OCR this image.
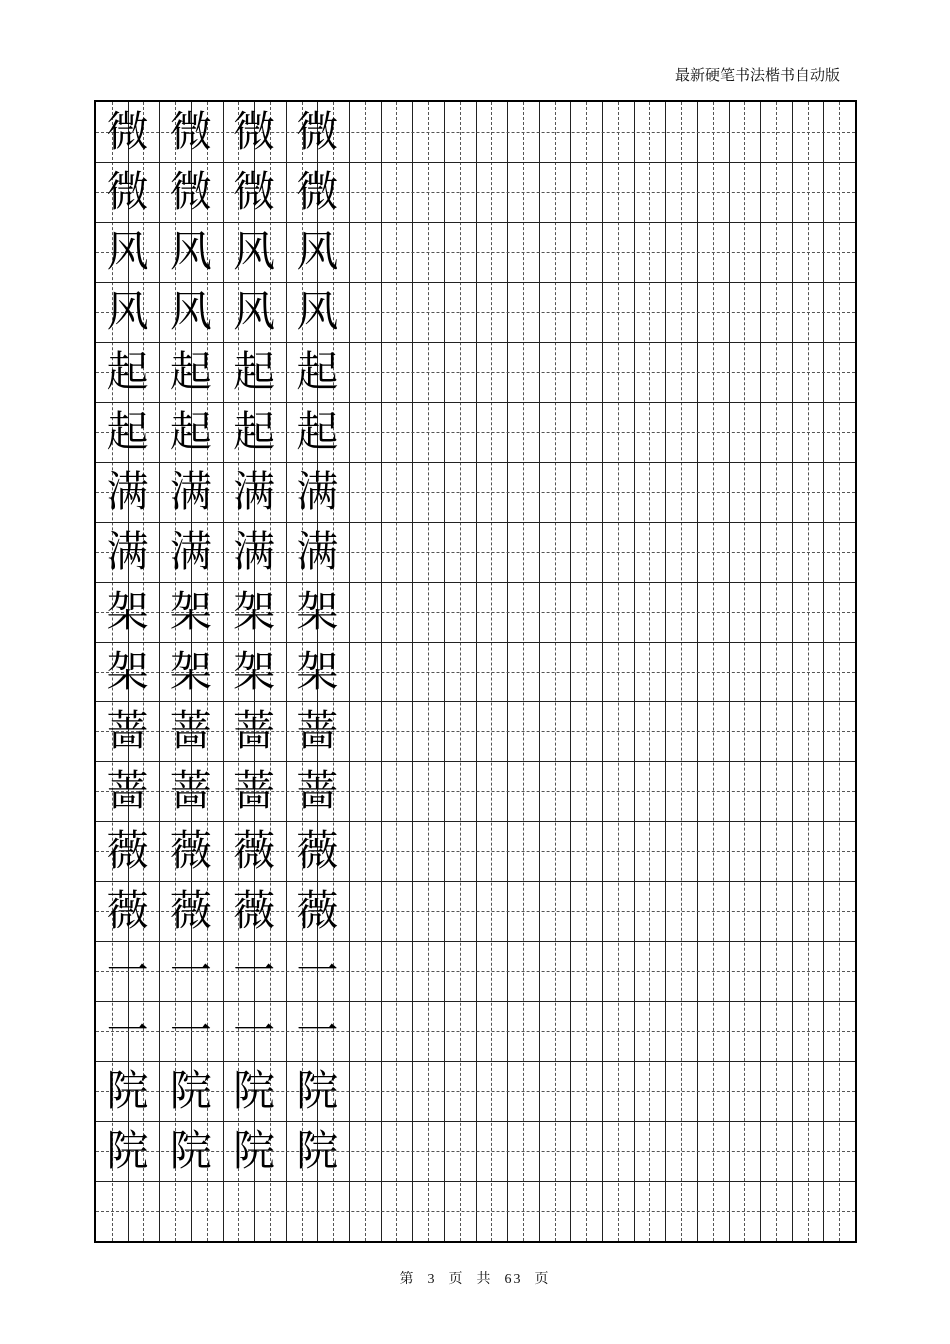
最新硬笔书法楷书自动版
微 微 微 微
微 微 微 微
风 风 风 风
风 风 风 风
起 起 起 起
起 起 起 起
满 满 满 满
满 满 满 满
架 架 架 架
架 架 架 架
蔷 蔷 蔷 蔷
蔷 蔷 蔷 蔷
薇 薇 薇 薇
薇 薇 薇 薇
一 一 一 一
一 一 一 一
院 院 院 院
院 院 院 院
第 3 页 共 63 页
